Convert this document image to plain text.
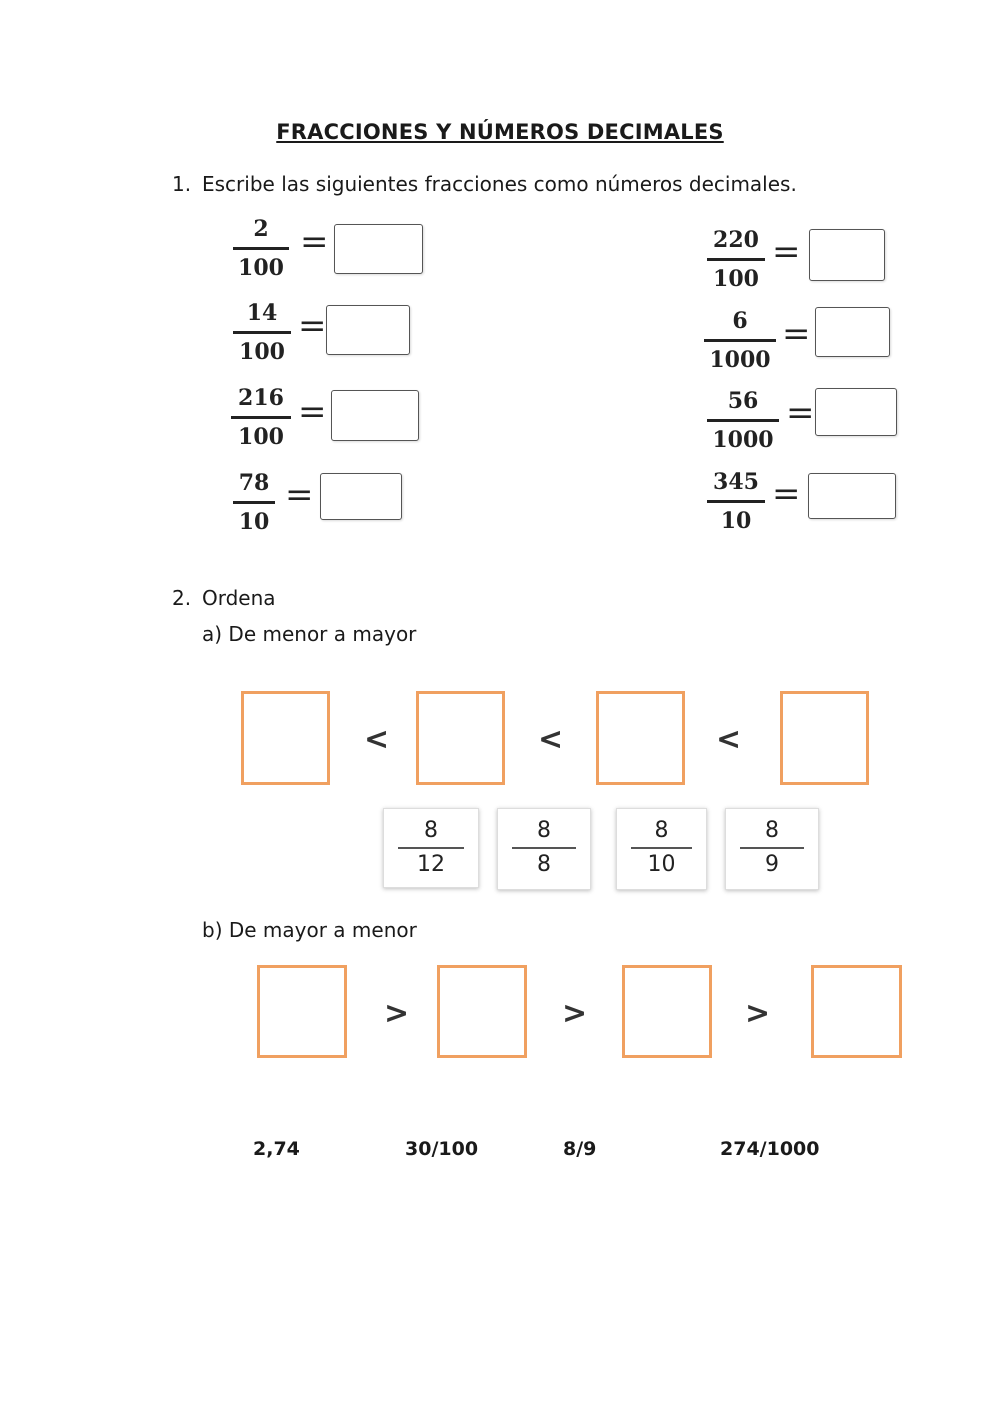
FRACCIONES Y NÚMEROS DECIMALES
1. Escribe las siguientes fracciones como números decimales.
2
100
=
14
100
=
216
100
=
78
10
=
220
100
=
6
1000
=
56
1000
=
345
10
=
2. Ordena
a) De menor a mayor
<	<	<
8
12
8
8
8
10
8
9
b) De mayor a menor
>	>	>
2,74	30/100	8/9	274/1000
